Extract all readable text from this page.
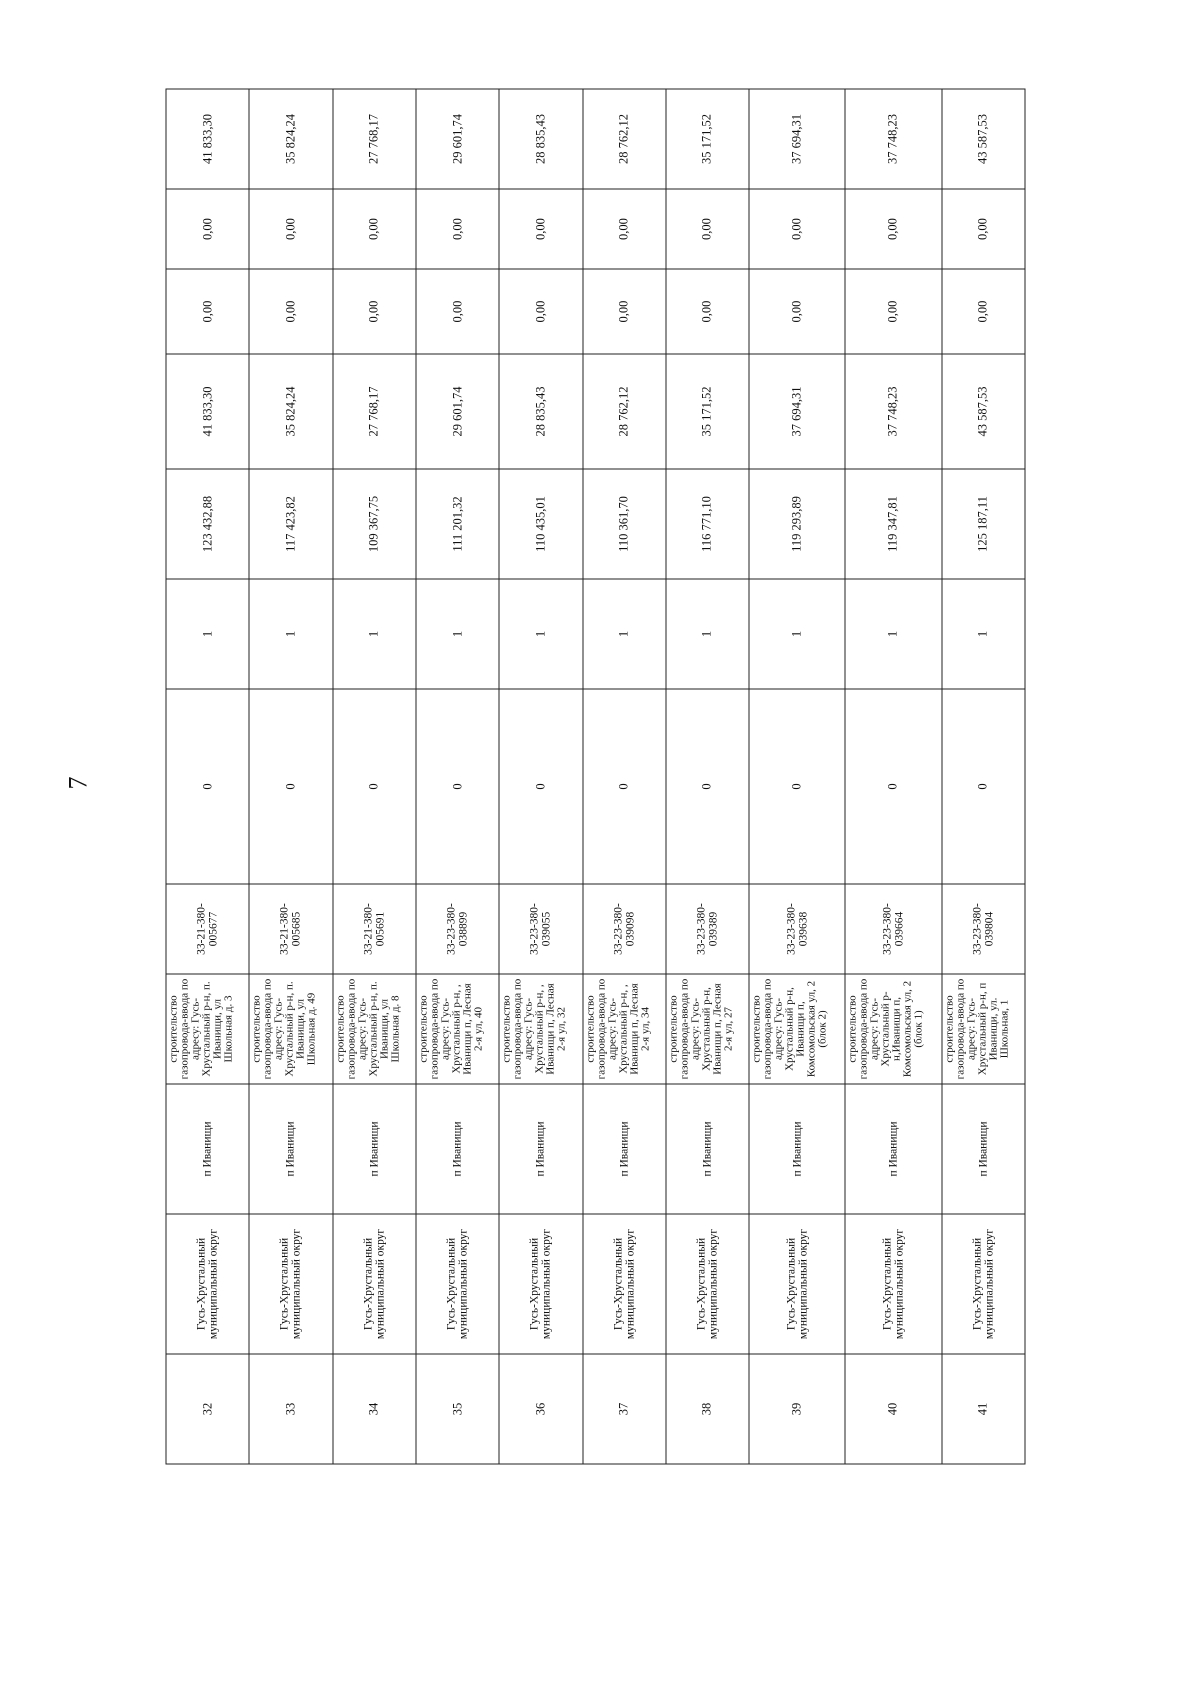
7
32	Гусь-Хрустальный муниципальный округ	п Иванищи	строительство газопровода-ввода по адресу: Гусь-Хрустальный р-н, п. Иванищи, ул Школьная д. 3	33-21-380-005677	0	1	123 432,88	41 833,30	0,00	0,00	41 833,30	
33	Гусь-Хрустальный муниципальный округ	п Иванищи	строительство газопровода-ввода по адресу: Гусь-Хрустальный р-н, п. Иванищи, ул Школьная д. 49	33-21-380-005685	0	1	117 423,82	35 824,24	0,00	0,00	35 824,24	
34	Гусь-Хрустальный муниципальный округ	п Иванищи	строительство газопровода-ввода по адресу: Гусь-Хрустальный р-н, п. Иванищи, ул Школьная д. 8	33-21-380-005691	0	1	109 367,75	27 768,17	0,00	0,00	27 768,17	
35	Гусь-Хрустальный муниципальный округ	п Иванищи	строительство газопровода-ввода по адресу: Гусь-Хрустальный р-н, , Иванищи п, Лесная 2-я ул, 40	33-23-380-038899	0	1	111 201,32	29 601,74	0,00	0,00	29 601,74	
36	Гусь-Хрустальный муниципальный округ	п Иванищи	строительство газопровода-ввода по адресу: Гусь-Хрустальный р-н, , Иванищи п, Лесная 2-я ул, 32	33-23-380-039055	0	1	110 435,01	28 835,43	0,00	0,00	28 835,43	
37	Гусь-Хрустальный муниципальный округ	п Иванищи	строительство газопровода-ввода по адресу: Гусь-Хрустальный р-н, , Иванищи п, Лесная 2-я ул, 34	33-23-380-039098	0	1	110 361,70	28 762,12	0,00	0,00	28 762,12	
38	Гусь-Хрустальный муниципальный округ	п Иванищи	строительство газопровода-ввода по адресу: Гусь-Хрустальный р-н, Иванищи п, Лесная 2-я ул, 27	33-23-380-039389	0	1	116 771,10	35 171,52	0,00	0,00	35 171,52	
39	Гусь-Хрустальный муниципальный округ	п Иванищи	строительство газопровода-ввода по адресу: Гусь-Хрустальный р-н, Иванищи п, Комсомольская ул, 2 (блок 2)	33-23-380-039638	0	1	119 293,89	37 694,31	0,00	0,00	37 694,31	
40	Гусь-Хрустальный муниципальный округ	п Иванищи	строительство газопровода-ввода по адресу: Гусь-Хрустальный р-н,Иванищи п, Комсомольская ул, 2 (блок 1)	33-23-380-039664	0	1	119 347,81	37 748,23	0,00	0,00	37 748,23	
41	Гусь-Хрустальный муниципальный округ	п Иванищи	строительство газопровода-ввода по адресу: Гусь-Хрустальный р-н, п Иванищи, ул. Школьная, 1	33-23-380-039804	0	1	125 187,11	43 587,53	0,00	0,00	43 587,53	
